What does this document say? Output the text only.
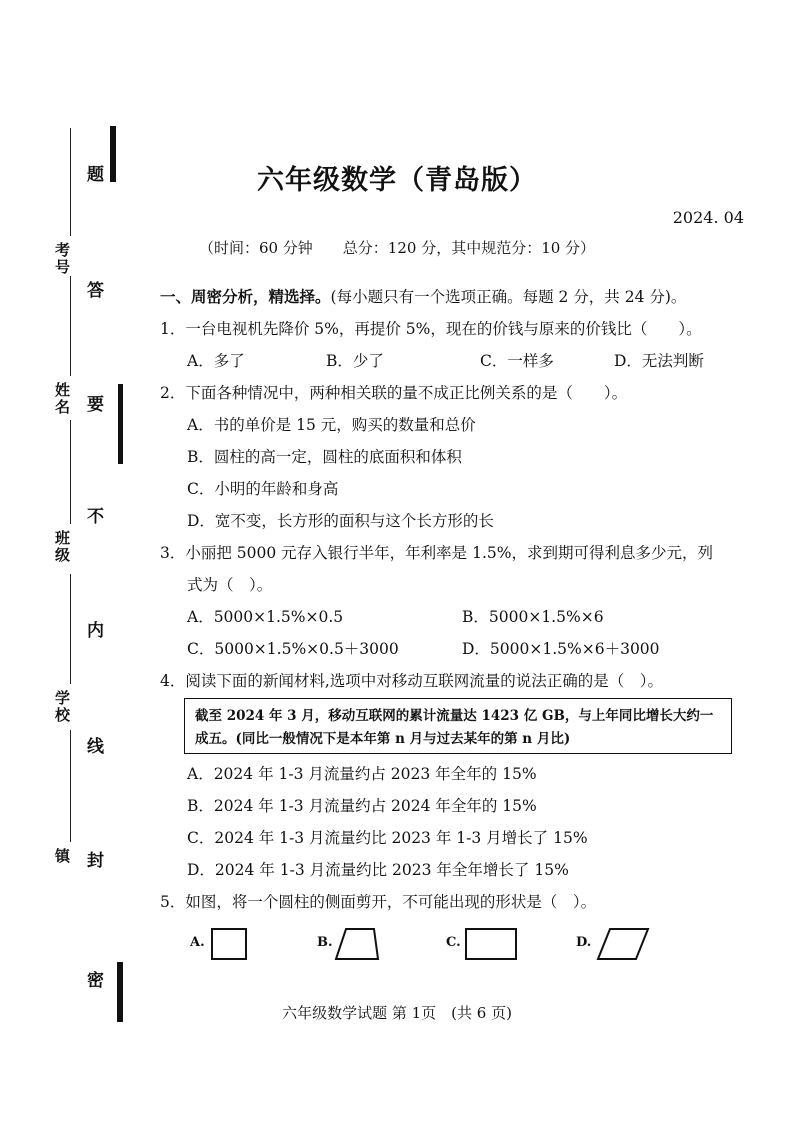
考号
姓名
班级
学校
镇
题
答
要
不
内
线
封
密
六年级数学（青岛版）
2024. 04
（时间：60 分钟　　总分：120 分，其中规范分：10 分）
一、周密分析，精选择。(每小题只有一个选项正确。每题 2 分，共 24 分)。
1．一台电视机先降价 5%，再提价 5%，现在的价钱与原来的价钱比（　　）。
A．多了	B．少了	C．一样多	D．无法判断
2．下面各种情况中，两种相关联的量不成正比例关系的是（　　）。
A．书的单价是 15 元，购买的数量和总价
B．圆柱的高一定，圆柱的底面积和体积
C．小明的年龄和身高
D．宽不变，长方形的面积与这个长方形的长
3．小丽把 5000 元存入银行半年，年利率是 1.5%，求到期可得利息多少元，列
式为（　）。
A．5000×1.5%×0.5	B．5000×1.5%×6
C．5000×1.5%×0.5＋3000	D．5000×1.5%×6＋3000
4．阅读下面的新闻材料,选项中对移动互联网流量的说法正确的是（　）。
截至 2024 年 3 月，移动互联网的累计流量达 1423 亿 GB，与上年同比增长大约一
成五。(同比一般情况下是本年第 n 月与过去某年的第 n 月比)
A．2024 年 1-3 月流量约占 2023 年全年的 15%
B．2024 年 1-3 月流量约占 2024 年全年的 15%
C．2024 年 1-3 月流量约比 2023 年 1-3 月增长了 15%
D．2024 年 1-3 月流量约比 2023 年全年增长了 15%
5．如图，将一个圆柱的侧面剪开，不可能出现的形状是（　）。
A.	B.	C.	D.
六年级数学试题 第 1页　(共 6 页)
